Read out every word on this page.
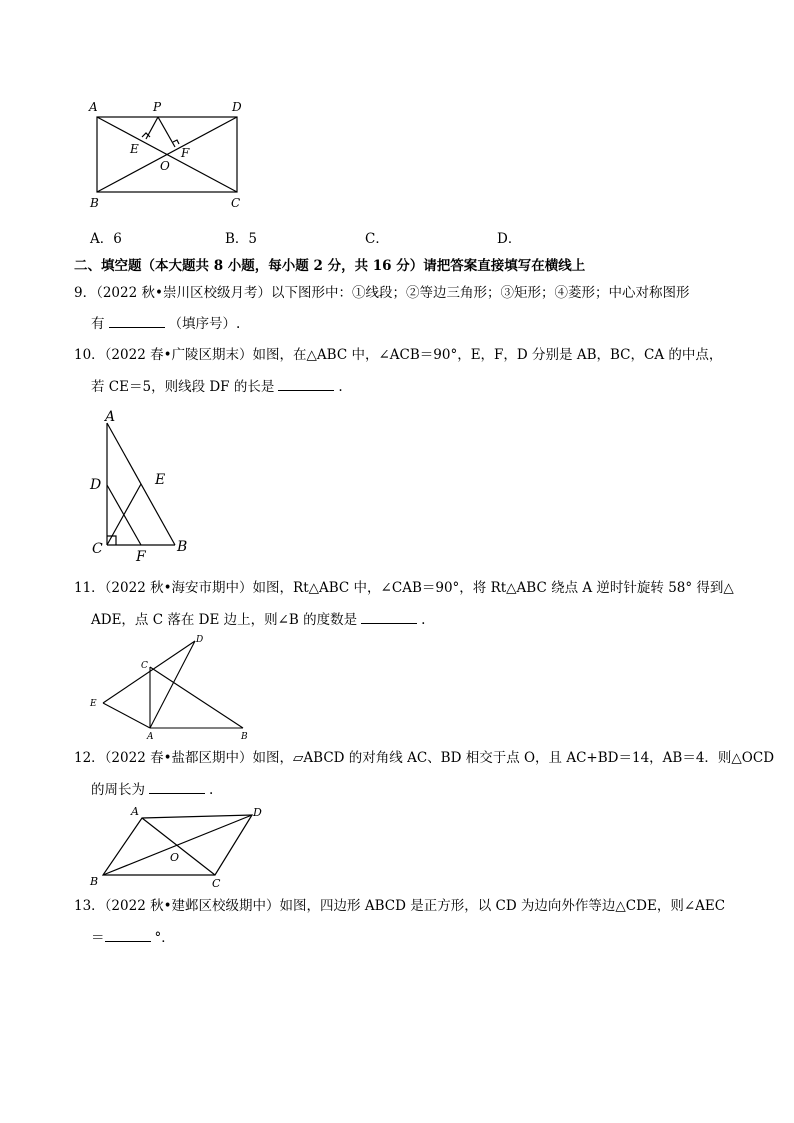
A	P	D
E	F
O
B	C
A．6	B．5	C．	D．
二、填空题（本大题共 8 小题，每小题 2 分，共 16 分）请把答案直接填写在横线上
9．（2022 秋•崇川区校级月考）以下图形中：①线段；②等边三角形；③矩形；④菱形；中心对称图形
有	（填序号）.
10．（2022 春•广陵区期末）如图，在△ABC 中，∠ACB＝90°，E，F，D 分别是 AB，BC，CA 的中点，
若 CE＝5，则线段 DF 的长是	.
A
D	E
C F
B
11．（2022 秋•海安市期中）如图，Rt△ABC 中，∠CAB＝90°，将 Rt△ABC 绕点 A 逆时针旋转 58° 得到△
ADE，点 C 落在 DE 边上，则∠B 的度数是	.
C
D
E
A	B
12．（2022 春•盐都区期中）如图，▱ABCD 的对角线 AC、BD 相交于点 O，且 AC+BD＝14，AB＝4．则△OCD
的周长为	.
A	D
O
B	C
13．（2022 秋•建邺区校级期中）如图，四边形 ABCD 是正方形，以 CD 为边向外作等边△CDE，则∠AEC
＝	°．
